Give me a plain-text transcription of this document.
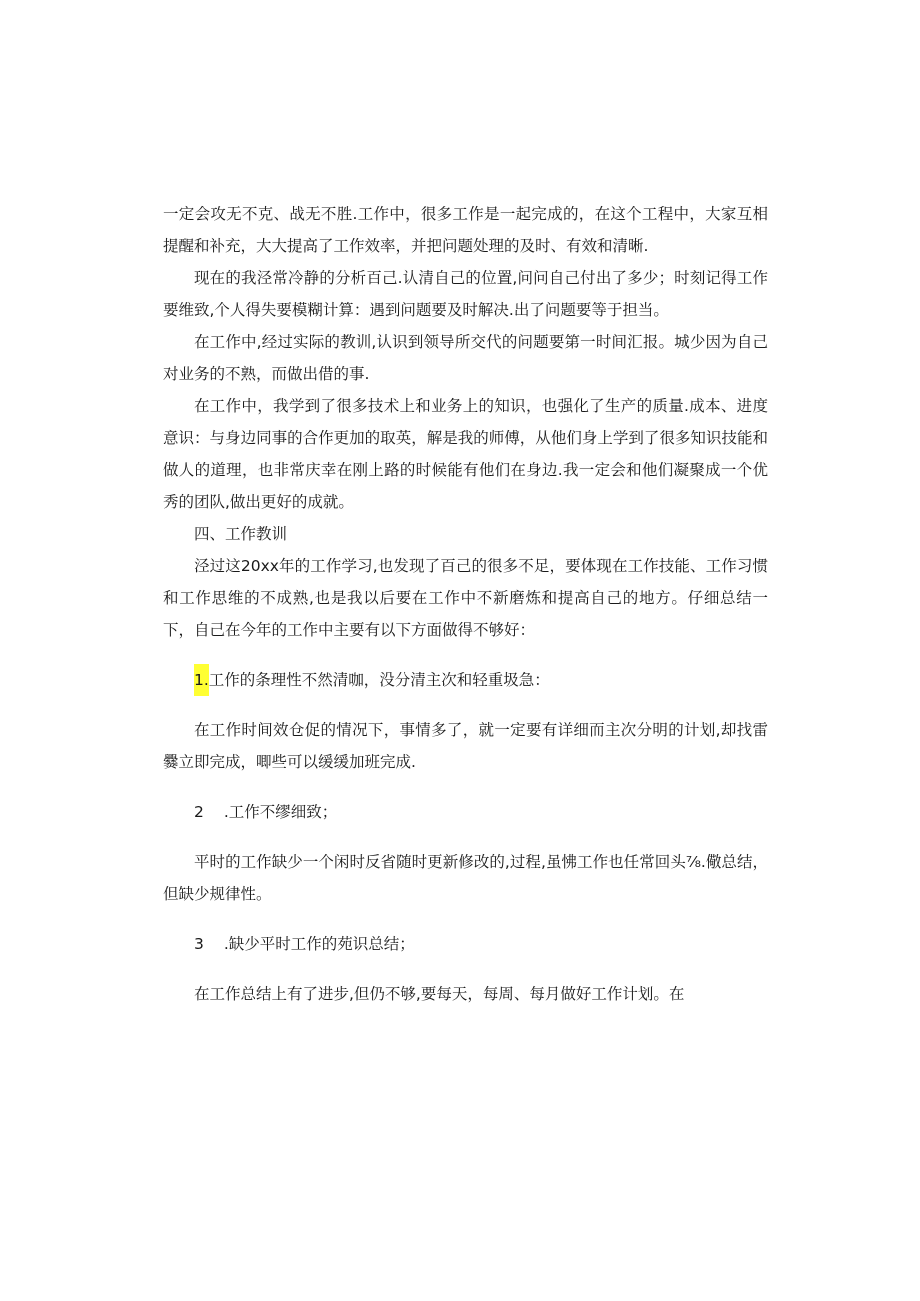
一定会攻无不克、战无不胜.工作中，很多工作是一起完成的，在这个工程中，大家互相提醒和补充，大大提高了工作效率，并把问题处理的及时、有效和清晰.

现在的我泾常冷静的分析百己.认清自己的位置,问问自己付出了多少；时刻记得工作要维致,个人得失要模糊计算：遇到问题要及时解决.出了问题要等于担当。

在工作中,经过实际的教训,认识到领导所交代的问题要第一时间汇报。城少因为自己对业务的不熟，而做出借的事.

在工作中，我学到了很多技术上和业务上的知识，也强化了生产的质量.成本、进度意识：与身边同事的合作更加的取英，解是我的师傅，从他们身上学到了很多知识技能和做人的道理，也非常庆幸在刚上路的时候能有他们在身边.我一定会和他们凝聚成一个优秀的团队,做出更好的成就。

四、工作教训

泾过这20xx年的工作学习,也发现了百己的很多不足，要体现在工作技能、工作习惯和工作思维的不成熟,也是我以后要在工作中不新磨炼和提高自己的地方。仔细总结一下，自己在今年的工作中主要有以下方面做得不够好：

1.工作的条理性不然清咖，没分清主次和轻重圾急：

在工作时间效仓促的情况下，事情多了，就一定要有详细而主次分明的计划,却找雷爨立即完成，唧些可以缓缓加班完成.

2 .工作不缪细致；

平时的工作缺少一个闲时反省随时更新修改的,过程,虽怫工作也任常回头⅞.儆总结，但缺少规律性。

3 .缺少平时工作的苑识总结；

在工作总结上有了进步,但仍不够,要每天，每周、每月做好工作计划。在
